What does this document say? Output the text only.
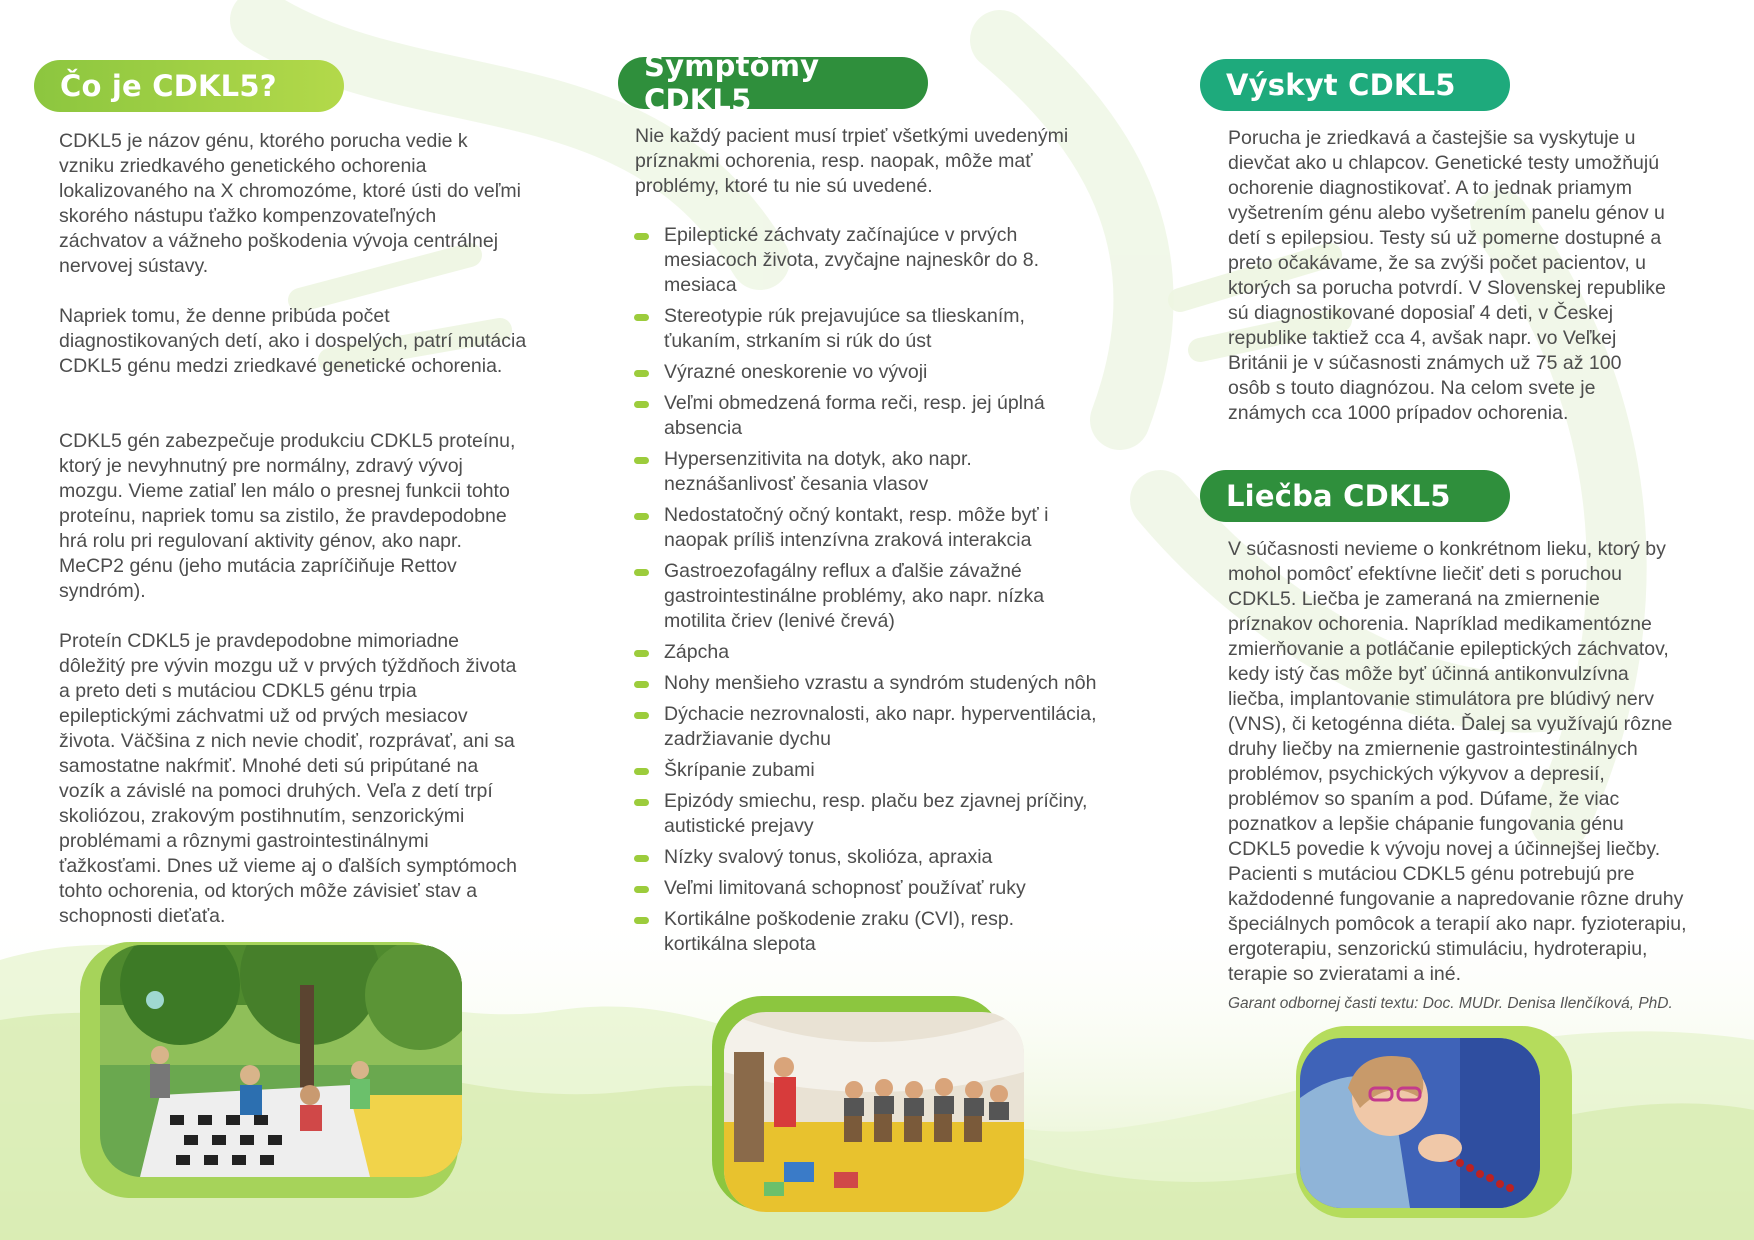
Čo je CDKL5?

CDKL5 je názov génu, ktorého porucha vedie k vzniku zriedkavého genetického ochorenia lokalizovaného na X chromozóme, ktoré ústi do veľmi skorého nástupu ťažko kompenzovateľných záchvatov a vážneho poškodenia vývoja centrálnej nervovej sústavy.

Napriek tomu, že denne pribúda počet diagnostikovaných detí, ako i dospelých, patrí mutácia CDKL5 génu medzi zriedkavé genetické ochorenia.

CDKL5 gén zabezpečuje produkciu CDKL5 proteínu, ktorý je nevyhnutný pre normálny, zdravý vývoj mozgu. Vieme zatiaľ len málo o presnej funkcii tohto proteínu, napriek tomu sa zistilo, že pravdepodobne hrá rolu pri regulovaní aktivity génov, ako napr. MeCP2 génu (jeho mutácia zapríčiňuje Rettov syndróm).

Proteín CDKL5 je pravdepodobne mimoriadne dôležitý pre vývin mozgu už v prvých týždňoch života a preto deti s mutáciou CDKL5 génu trpia epileptickými záchvatmi už od prvých mesiacov života. Väčšina z nich nevie chodiť, rozprávať, ani sa samostatne nakŕmiť. Mnohé deti sú pripútané na vozík a závislé na pomoci druhých. Veľa z detí trpí skoliózou, zrakovým postihnutím, senzorickými problémami a rôznymi gastrointestinálnymi ťažkosťami. Dnes už vieme aj o ďalších symptómoch tohto ochorenia, od ktorých môže závisieť stav a schopnosti dieťaťa.

Symptómy CDKL5

Nie každý pacient musí trpieť všetkými uvedenými príznakmi ochorenia, resp. naopak, môže mať problémy, ktoré tu nie sú uvedené.

Epileptické záchvaty začínajúce v prvých mesiacoch života, zvyčajne najneskôr do 8. mesiaca
Stereotypie rúk prejavujúce sa tlieskaním, ťukaním, strkaním si rúk do úst
Výrazné oneskorenie vo vývoji
Veľmi obmedzená forma reči, resp. jej úplná absencia
Hypersenzitivita na dotyk, ako napr. neznášanlivosť česania vlasov
Nedostatočný očný kontakt, resp. môže byť i naopak príliš intenzívna zraková interakcia
Gastroezofagálny reflux a ďalšie závažné gastrointestinálne problémy, ako napr. nízka motilita čriev (lenivé črevá)
Zápcha
Nohy menšieho vzrastu a syndróm studených nôh
Dýchacie nezrovnalosti, ako napr. hyperventilácia, zadržiavanie dychu
Škrípanie zubami
Epizódy smiechu, resp. plaču bez zjavnej príčiny, autistické prejavy
Nízky svalový tonus, skolióza, apraxia
Veľmi limitovaná schopnosť používať ruky
Kortikálne poškodenie zraku (CVI), resp. kortikálna slepota
Výskyt CDKL5

Porucha je zriedkavá a častejšie sa vyskytuje u dievčat ako u chlapcov. Genetické testy umožňujú ochorenie diagnostikovať. A to jednak priamym vyšetrením génu alebo vyšetrením panelu génov u detí s epilepsiou. Testy sú už pomerne dostupné a preto očakávame, že sa zvýši počet pacientov, u ktorých sa porucha potvrdí. V Slovenskej republike sú diagnostikované doposiaľ 4 deti, v Českej republike taktiež cca 4, avšak napr. vo Veľkej Británii je v súčasnosti známych už 75 až 100 osôb s touto diagnózou. Na celom svete je známych cca 1000 prípadov ochorenia.

Liečba CDKL5

V súčasnosti nevieme o konkrétnom lieku, ktorý by mohol pomôcť efektívne liečiť deti s poruchou CDKL5. Liečba je zameraná na zmiernenie príznakov ochorenia. Napríklad medikamentózne zmierňovanie a potláčanie epileptických záchvatov, kedy istý čas môže byť účinná antikonvulzívna liečba, implantovanie stimulátora pre blúdivý nerv (VNS), či ketogénna diéta. Ďalej sa využívajú rôzne druhy liečby na zmiernenie gastrointestinálnych problémov, psychických výkyvov a depresií, problémov so spaním a pod. Dúfame, že viac poznatkov a lepšie chápanie fungovania génu CDKL5 povedie k vývoju novej a účinnejšej liečby. Pacienti s mutáciou CDKL5 génu potrebujú pre každodenné fungovanie a napredovanie rôzne druhy špeciálnych pomôcok a terapií ako napr. fyzioterapiu, ergoterapiu, senzorickú stimuláciu, hydroterapiu, terapie so zvieratami a iné.

Garant odbornej časti textu: Doc. MUDr. Denisa Ilenčíková, PhD.
